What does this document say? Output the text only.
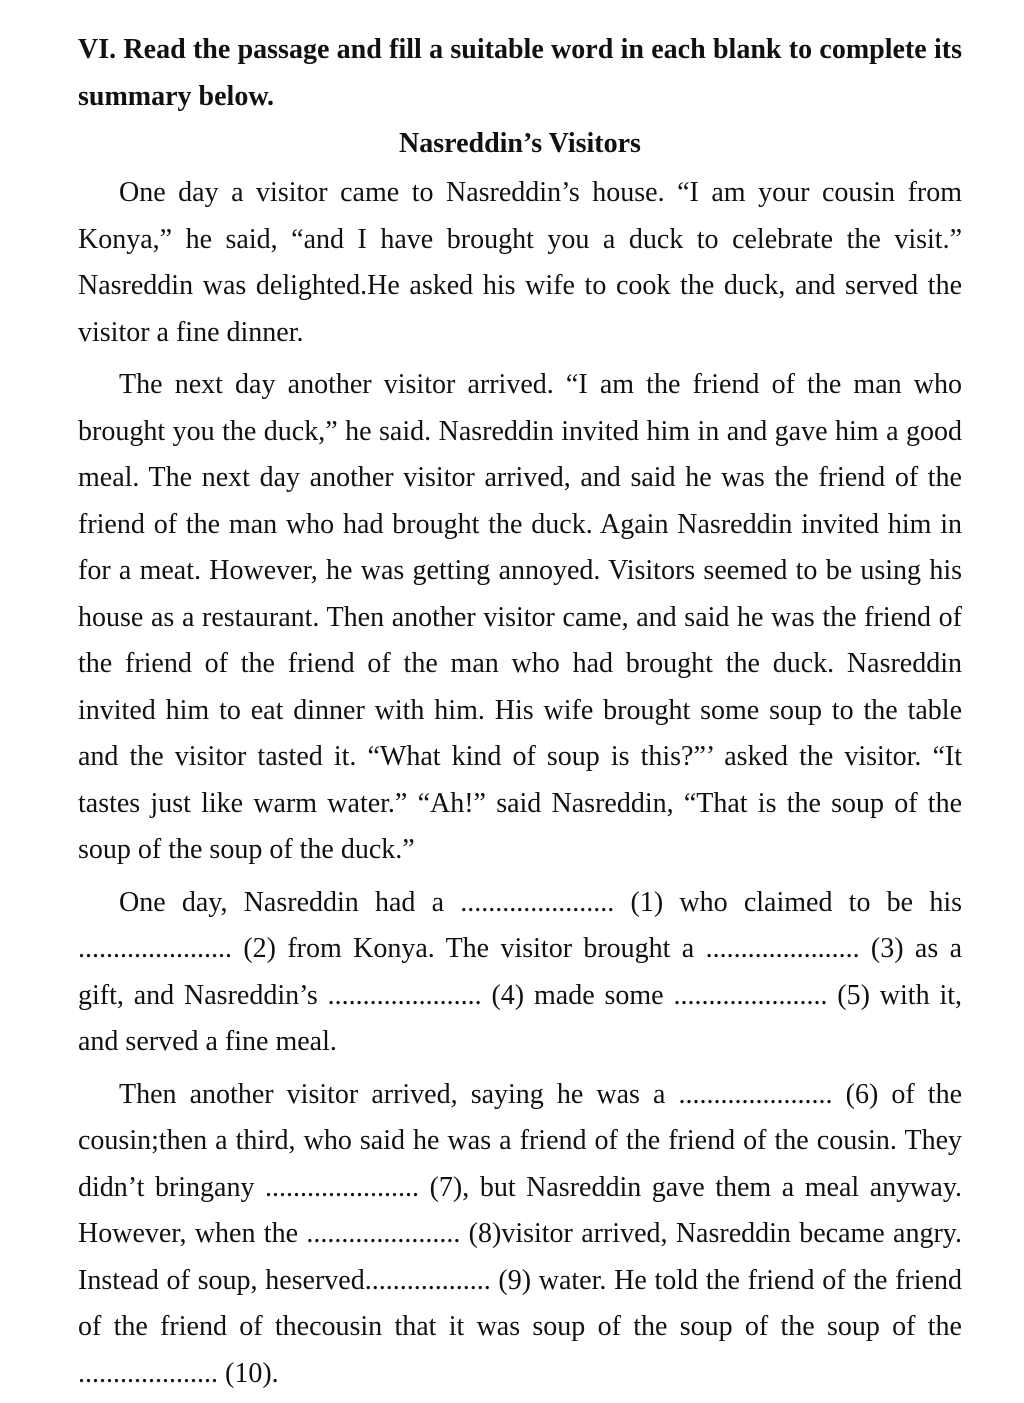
VI. Read the passage and fill a suitable word in each blank to complete its summary below.

Nasreddin’s Visitors

One day a visitor came to Nasreddin’s house. “I am your cousin from Konya,” he said, “and I have brought you a duck to celebrate the visit.” Nasreddin was delighted.He asked his wife to cook the duck, and served the visitor a fine dinner.

The next day another visitor arrived. “I am the friend of the man who brought you the duck,” he said. Nasreddin invited him in and gave him a good meal. The next day another visitor arrived, and said he was the friend of the friend of the man who had brought the duck. Again Nasreddin invited him in for a meat. However, he was getting annoyed. Visitors seemed to be using his house as a restaurant. Then another visitor came, and said he was the friend of the friend of the friend of the man who had brought the duck. Nasreddin invited him to eat dinner with him. His wife brought some soup to the table and the visitor tasted it. “What kind of soup is this?”’ asked the visitor. “It tastes just like warm water.” “Ah!” said Nasreddin, “That is the soup of the soup of the soup of the duck.”

One day, Nasreddin had a ...................... (1) who claimed to be his ...................... (2) from Konya. The visitor brought a ...................... (3) as a gift, and Nasreddin’s ...................... (4) made some ...................... (5) with it, and served a fine meal.

Then another visitor arrived, saying he was a ...................... (6) of the cousin;then a third, who said he was a friend of the friend of the cousin. They didn’t bringany ...................... (7), but Nasreddin gave them a meal anyway. However, when the ...................... (8)visitor arrived, Nasreddin became angry. Instead of soup, heserved.................. (9) water. He told the friend of the friend of the friend of thecousin that it was soup of the soup of the soup of the .................... (10).
